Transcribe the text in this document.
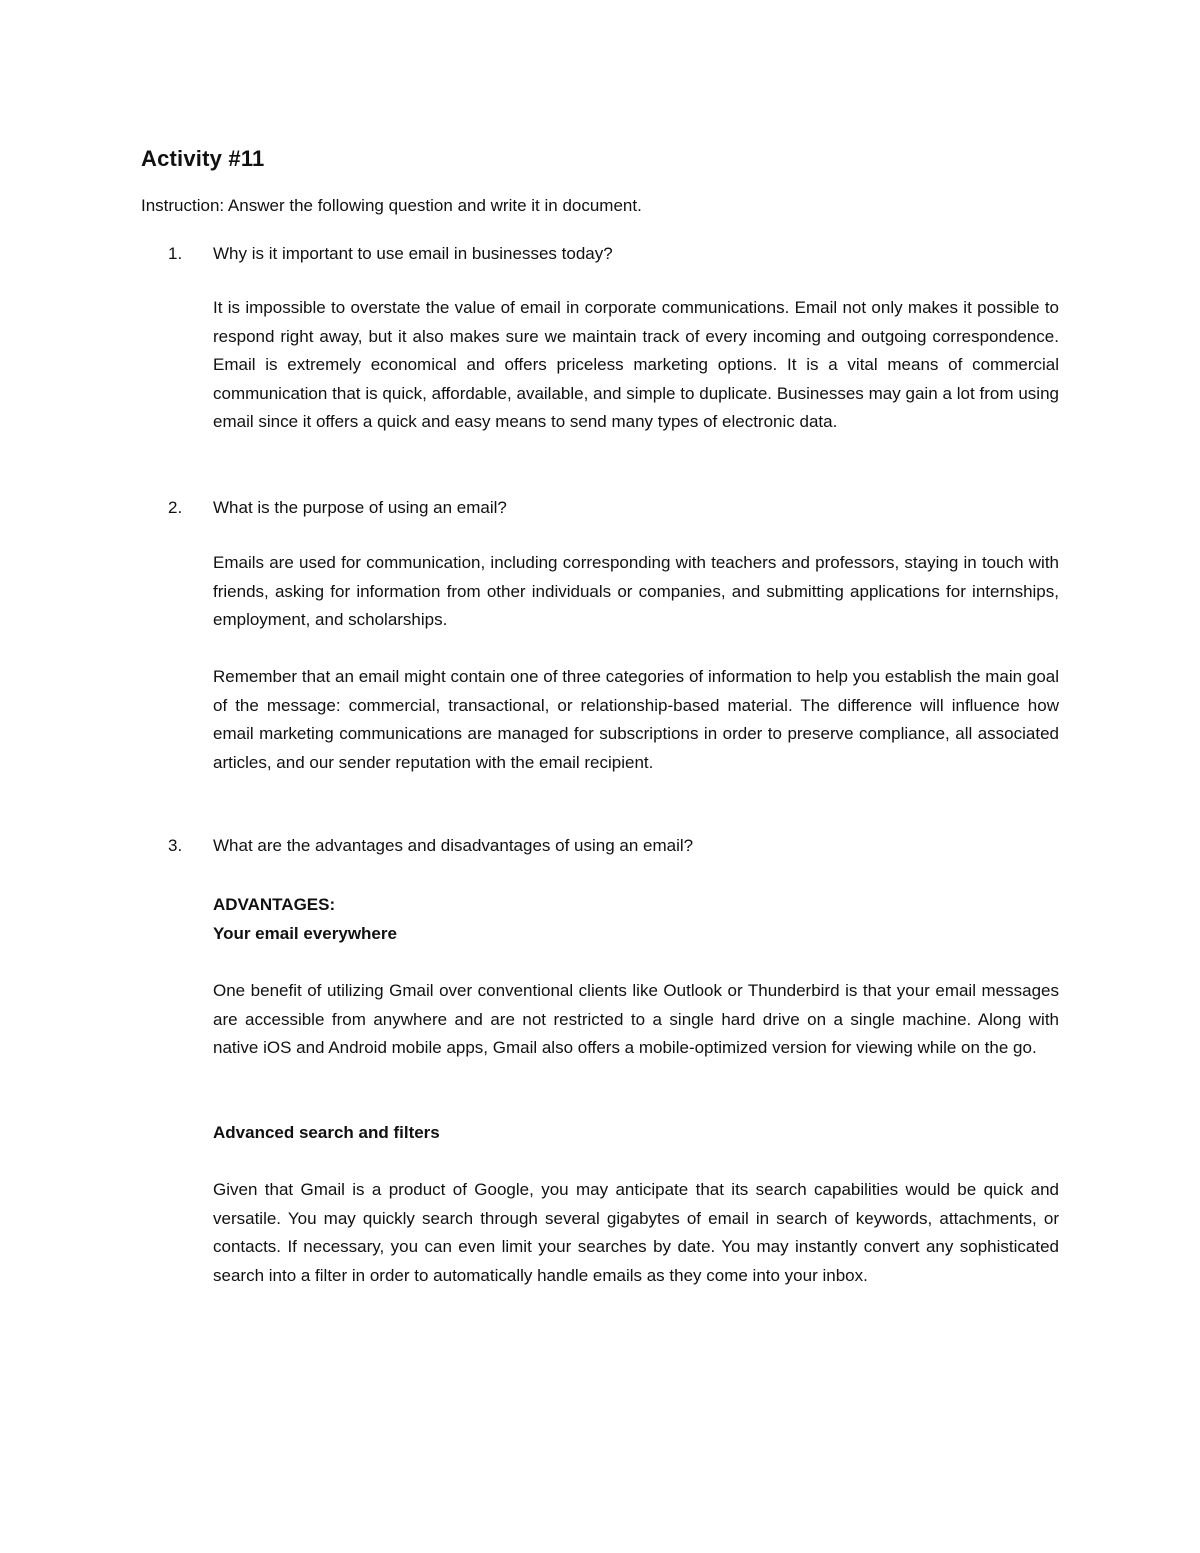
Activity #11

Instruction: Answer the following question and write it in document.

1. Why is it important to use email in businesses today?

It is impossible to overstate the value of email in corporate communications. Email not only makes it possible to respond right away, but it also makes sure we maintain track of every incoming and outgoing correspondence. Email is extremely economical and offers priceless marketing options. It is a vital means of commercial communication that is quick, affordable, available, and simple to duplicate. Businesses may gain a lot from using email since it offers a quick and easy means to send many types of electronic data.

2. What is the purpose of using an email?

Emails are used for communication, including corresponding with teachers and professors, staying in touch with friends, asking for information from other individuals or companies, and submitting applications for internships, employment, and scholarships.

Remember that an email might contain one of three categories of information to help you establish the main goal of the message: commercial, transactional, or relationship-based material. The difference will influence how email marketing communications are managed for subscriptions in order to preserve compliance, all associated articles, and our sender reputation with the email recipient.

3. What are the advantages and disadvantages of using an email?

ADVANTAGES:

Your email everywhere

One benefit of utilizing Gmail over conventional clients like Outlook or Thunderbird is that your email messages are accessible from anywhere and are not restricted to a single hard drive on a single machine. Along with native iOS and Android mobile apps, Gmail also offers a mobile-optimized version for viewing while on the go.

Advanced search and filters

Given that Gmail is a product of Google, you may anticipate that its search capabilities would be quick and versatile. You may quickly search through several gigabytes of email in search of keywords, attachments, or contacts. If necessary, you can even limit your searches by date. You may instantly convert any sophisticated search into a filter in order to automatically handle emails as they come into your inbox.
